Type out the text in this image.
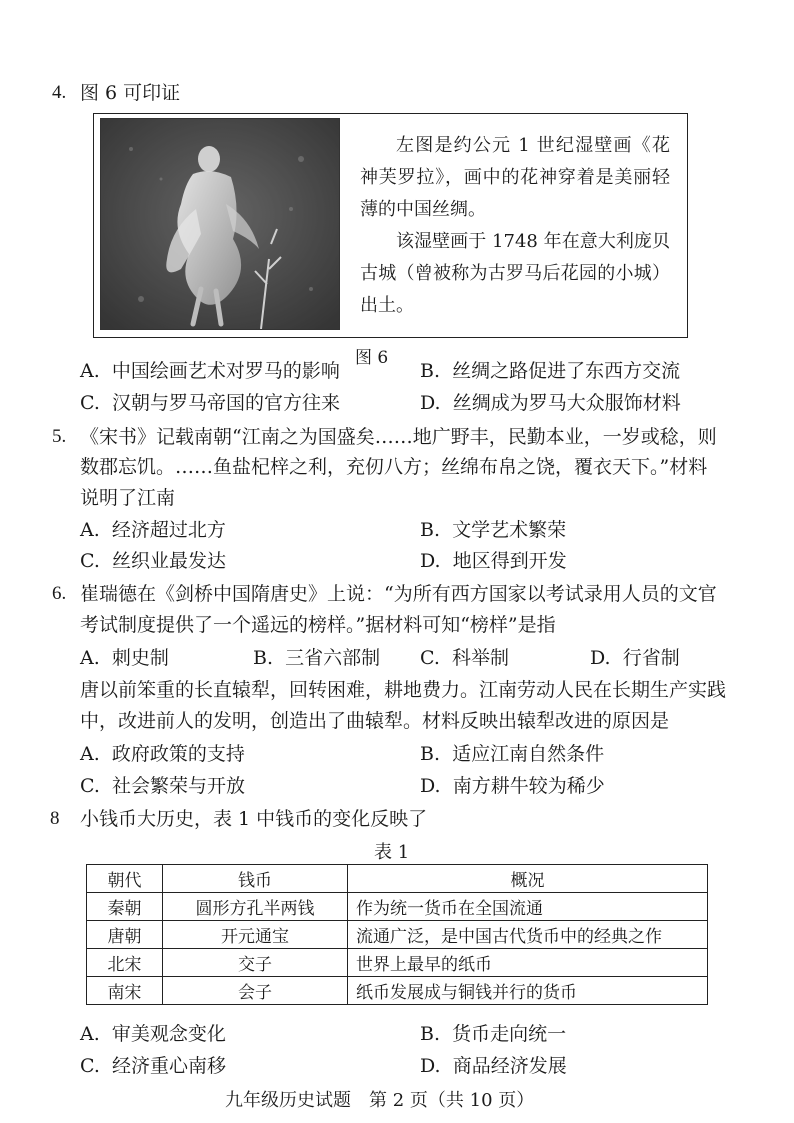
4. 图 6 可印证

左图是约公元 1 世纪湿壁画《花神芙罗拉》，画中的花神穿着是美丽轻薄的中国丝绸。

该湿壁画于 1748 年在意大利庞贝古城（曾被称为古罗马后花园的小城）出土。

图 6
A. 中国绘画艺术对罗马的影响	B. 丝绸之路促进了东西方交流
C. 汉朝与罗马帝国的官方往来	D. 丝绸成为罗马大众服饰材料
5. 《宋书》记载南朝“江南之为国盛矣……地广野丰，民勤本业，一岁或稔，则
数郡忘饥。……鱼盐杞梓之利，充仞八方；丝绵布帛之饶，覆衣天下。”材料
说明了江南
A. 经济超过北方	B. 文学艺术繁荣
C. 丝织业最发达	D. 地区得到开发
6. 崔瑞德在《剑桥中国隋唐史》上说：“为所有西方国家以考试录用人员的文官
考试制度提供了一个遥远的榜样。”据材料可知“榜样”是指
A. 刺史制	B. 三省六部制 C. 科举制	D. 行省制
唐以前笨重的长直辕犁，回转困难，耕地费力。江南劳动人民在长期生产实践
中，改进前人的发明，创造出了曲辕犁。材料反映出辕犁改进的原因是
A. 政府政策的支持	B. 适应江南自然条件
C. 社会繁荣与开放	D. 南方耕牛较为稀少
8 小钱币大历史，表 1 中钱币的变化反映了
表 1
朝代	钱币	概况
秦朝	圆形方孔半两钱	作为统一货币在全国流通
唐朝	开元通宝	流通广泛，是中国古代货币中的经典之作
北宋	交子	世界上最早的纸币
南宋	会子	纸币发展成与铜钱并行的货币
A. 审美观念变化	B. 货币走向统一
C. 经济重心南移	D. 商品经济发展
九年级历史试题　第 2 页（共 10 页）
